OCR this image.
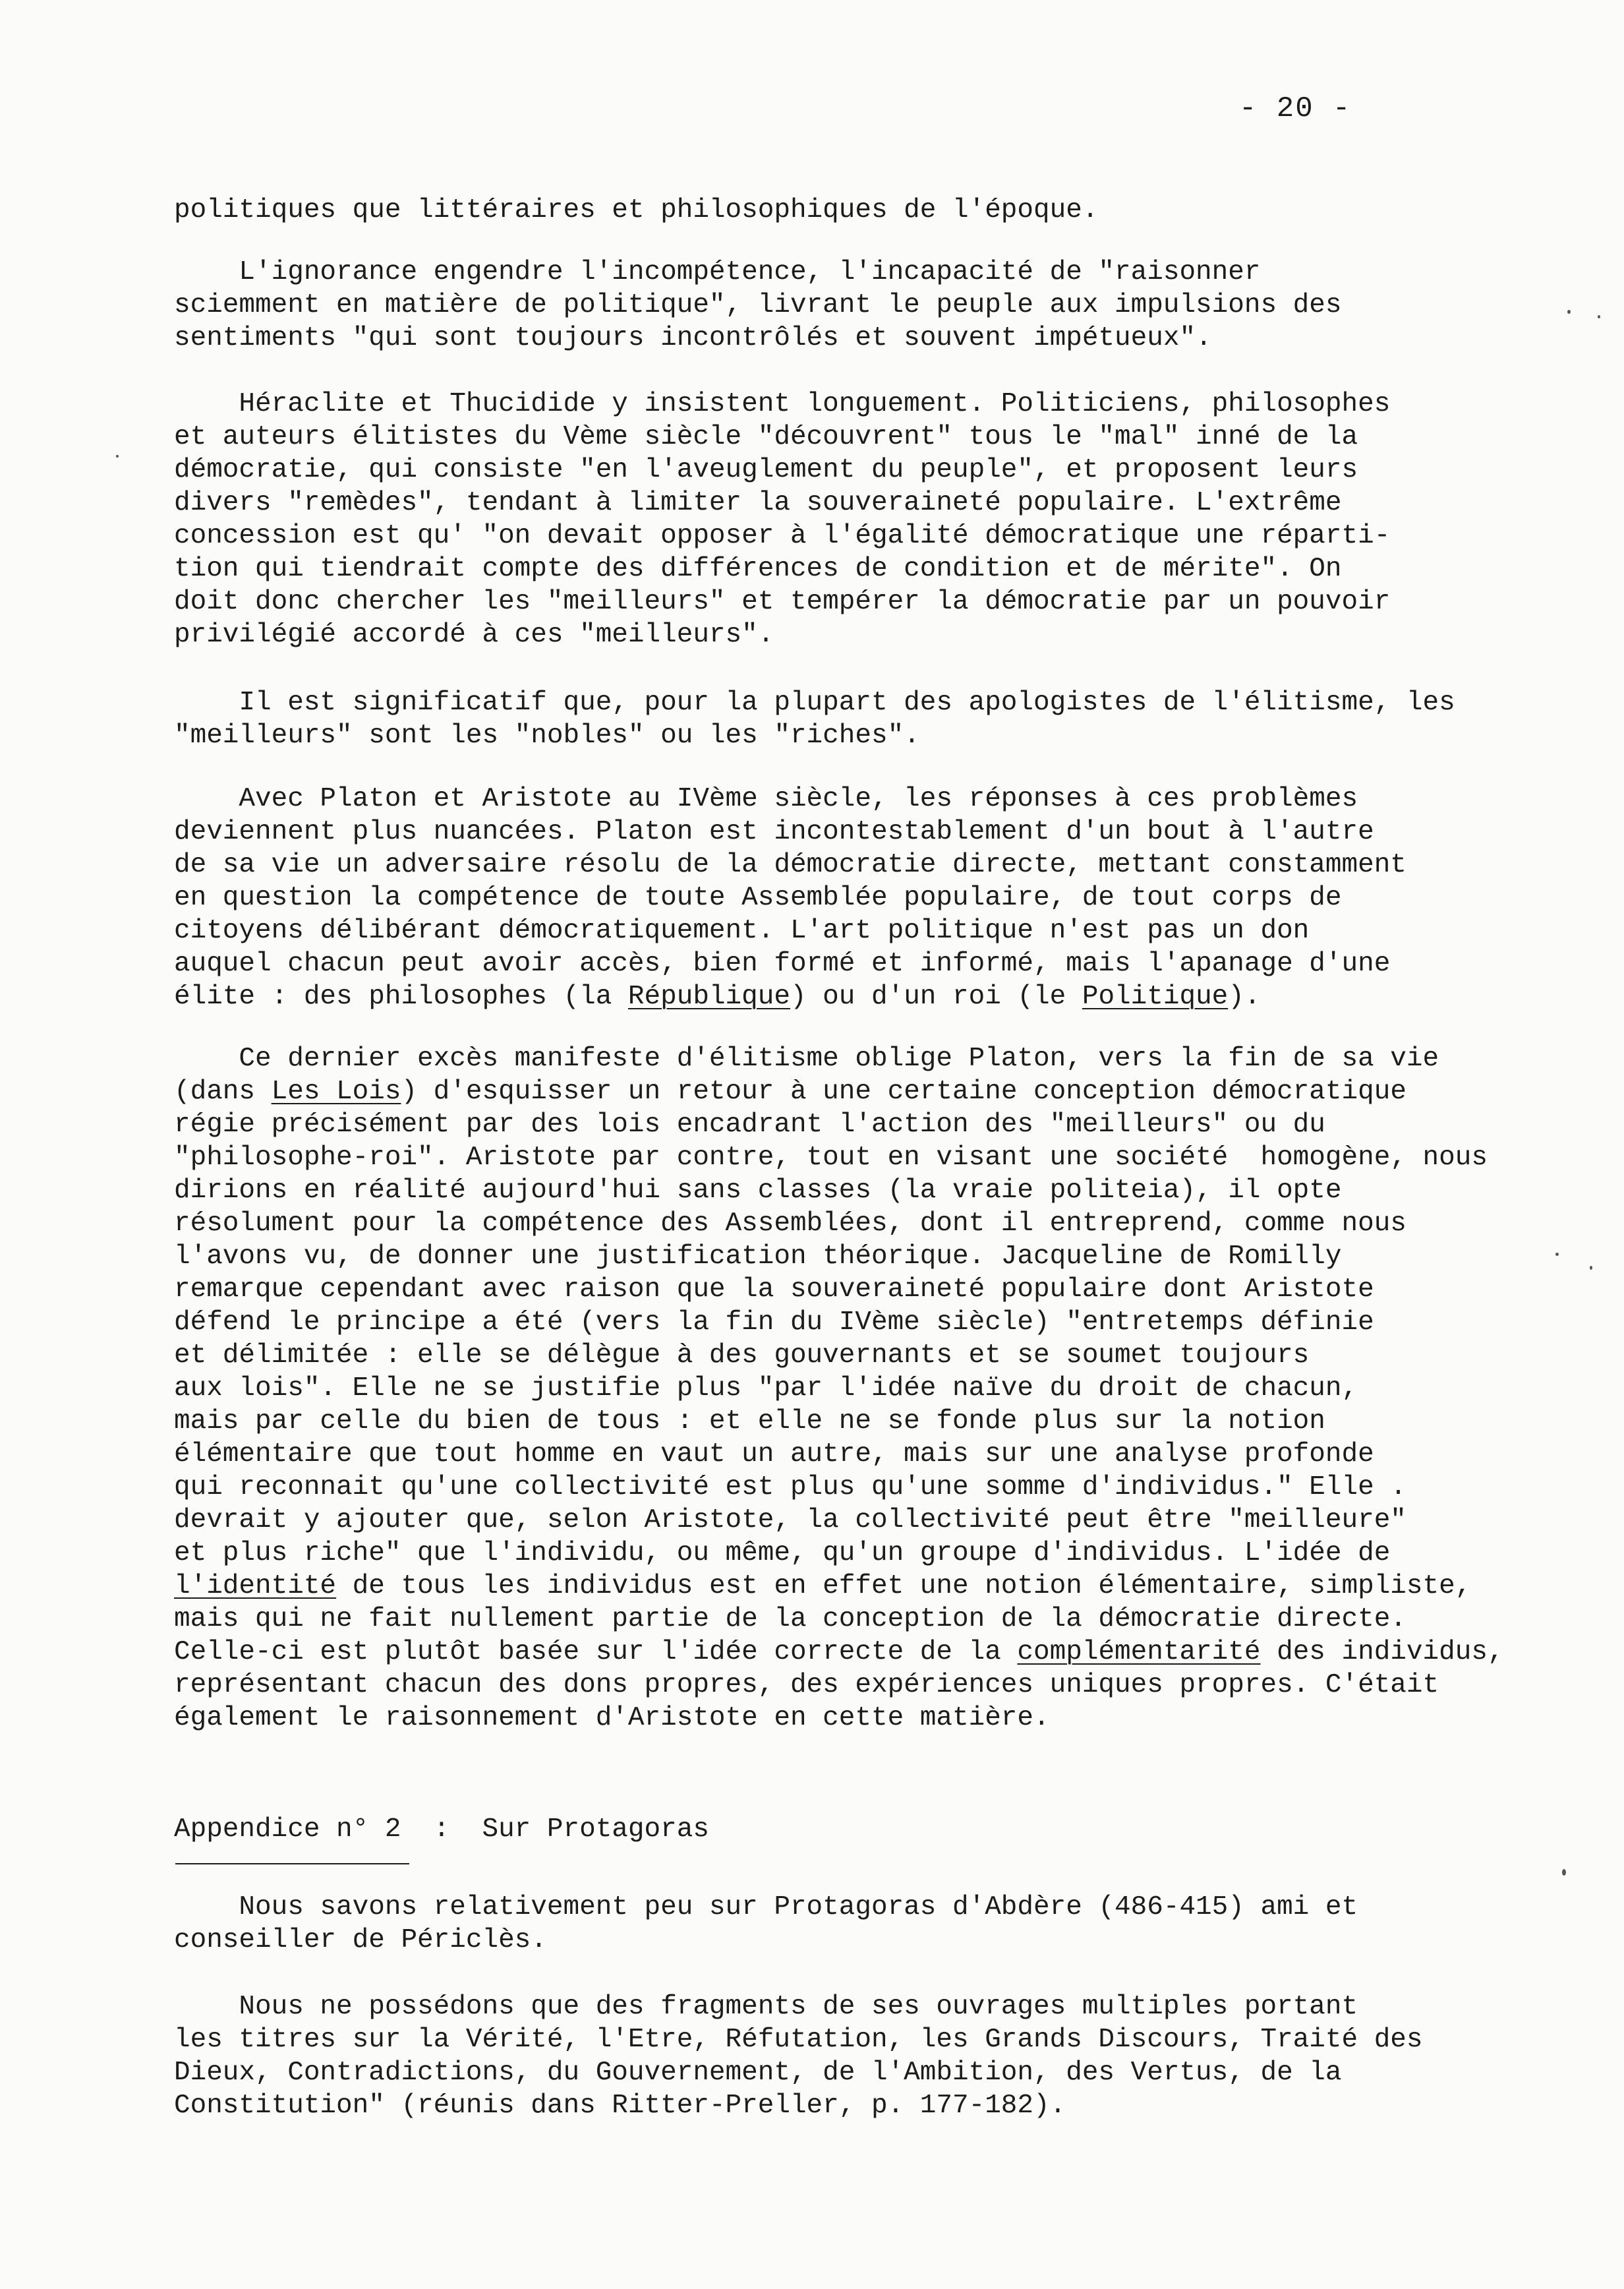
- 20 -
politiques que littéraires et philosophiques de l'époque.
L'ignorance engendre l'incompétence, l'incapacité de "raisonner
sciemment en matière de politique", livrant le peuple aux impulsions des
sentiments "qui sont toujours incontrôlés et souvent impétueux".
Héraclite et Thucidide y insistent longuement. Politiciens, philosophes
et auteurs élitistes du Vème siècle "découvrent" tous le "mal" inné de la
démocratie, qui consiste "en l'aveuglement du peuple", et proposent leurs
divers "remèdes", tendant à limiter la souveraineté populaire. L'extrême
concession est qu' "on devait opposer à l'égalité démocratique une réparti-
tion qui tiendrait compte des différences de condition et de mérite". On
doit donc chercher les "meilleurs" et tempérer la démocratie par un pouvoir
privilégié accordé à ces "meilleurs".
Il est significatif que, pour la plupart des apologistes de l'élitisme, les
"meilleurs" sont les "nobles" ou les "riches".
Avec Platon et Aristote au IVème siècle, les réponses à ces problèmes
deviennent plus nuancées. Platon est incontestablement d'un bout à l'autre
de sa vie un adversaire résolu de la démocratie directe, mettant constamment
en question la compétence de toute Assemblée populaire, de tout corps de
citoyens délibérant démocratiquement. L'art politique n'est pas un don
auquel chacun peut avoir accès, bien formé et informé, mais l'apanage d'une
élite : des philosophes (la République) ou d'un roi (le Politique).
Ce dernier excès manifeste d'élitisme oblige Platon, vers la fin de sa vie
(dans Les Lois) d'esquisser un retour à une certaine conception démocratique
régie précisément par des lois encadrant l'action des "meilleurs" ou du
"philosophe-roi". Aristote par contre, tout en visant une société  homogène, nous
dirions en réalité aujourd'hui sans classes (la vraie politeia), il opte
résolument pour la compétence des Assemblées, dont il entreprend, comme nous
l'avons vu, de donner une justification théorique. Jacqueline de Romilly
remarque cependant avec raison que la souveraineté populaire dont Aristote
défend le principe a été (vers la fin du IVème siècle) "entretemps définie
et délimitée : elle se délègue à des gouvernants et se soumet toujours
aux lois". Elle ne se justifie plus "par l'idée naïve du droit de chacun,
mais par celle du bien de tous : et elle ne se fonde plus sur la notion
élémentaire que tout homme en vaut un autre, mais sur une analyse profonde
qui reconnait qu'une collectivité est plus qu'une somme d'individus." Elle .
devrait y ajouter que, selon Aristote, la collectivité peut être "meilleure"
et plus riche" que l'individu, ou même, qu'un groupe d'individus. L'idée de
l'identité de tous les individus est en effet une notion élémentaire, simpliste,
mais qui ne fait nullement partie de la conception de la démocratie directe.
Celle-ci est plutôt basée sur l'idée correcte de la complémentarité des individus,
représentant chacun des dons propres, des expériences uniques propres. C'était
également le raisonnement d'Aristote en cette matière.
Appendice n° 2  :  Sur Protagoras
Nous savons relativement peu sur Protagoras d'Abdère (486-415) ami et
conseiller de Périclès.
Nous ne possédons que des fragments de ses ouvrages multiples portant
les titres sur la Vérité, l'Etre, Réfutation, les Grands Discours, Traité des
Dieux, Contradictions, du Gouvernement, de l'Ambition, des Vertus, de la
Constitution" (réunis dans Ritter-Preller, p. 177-182).
